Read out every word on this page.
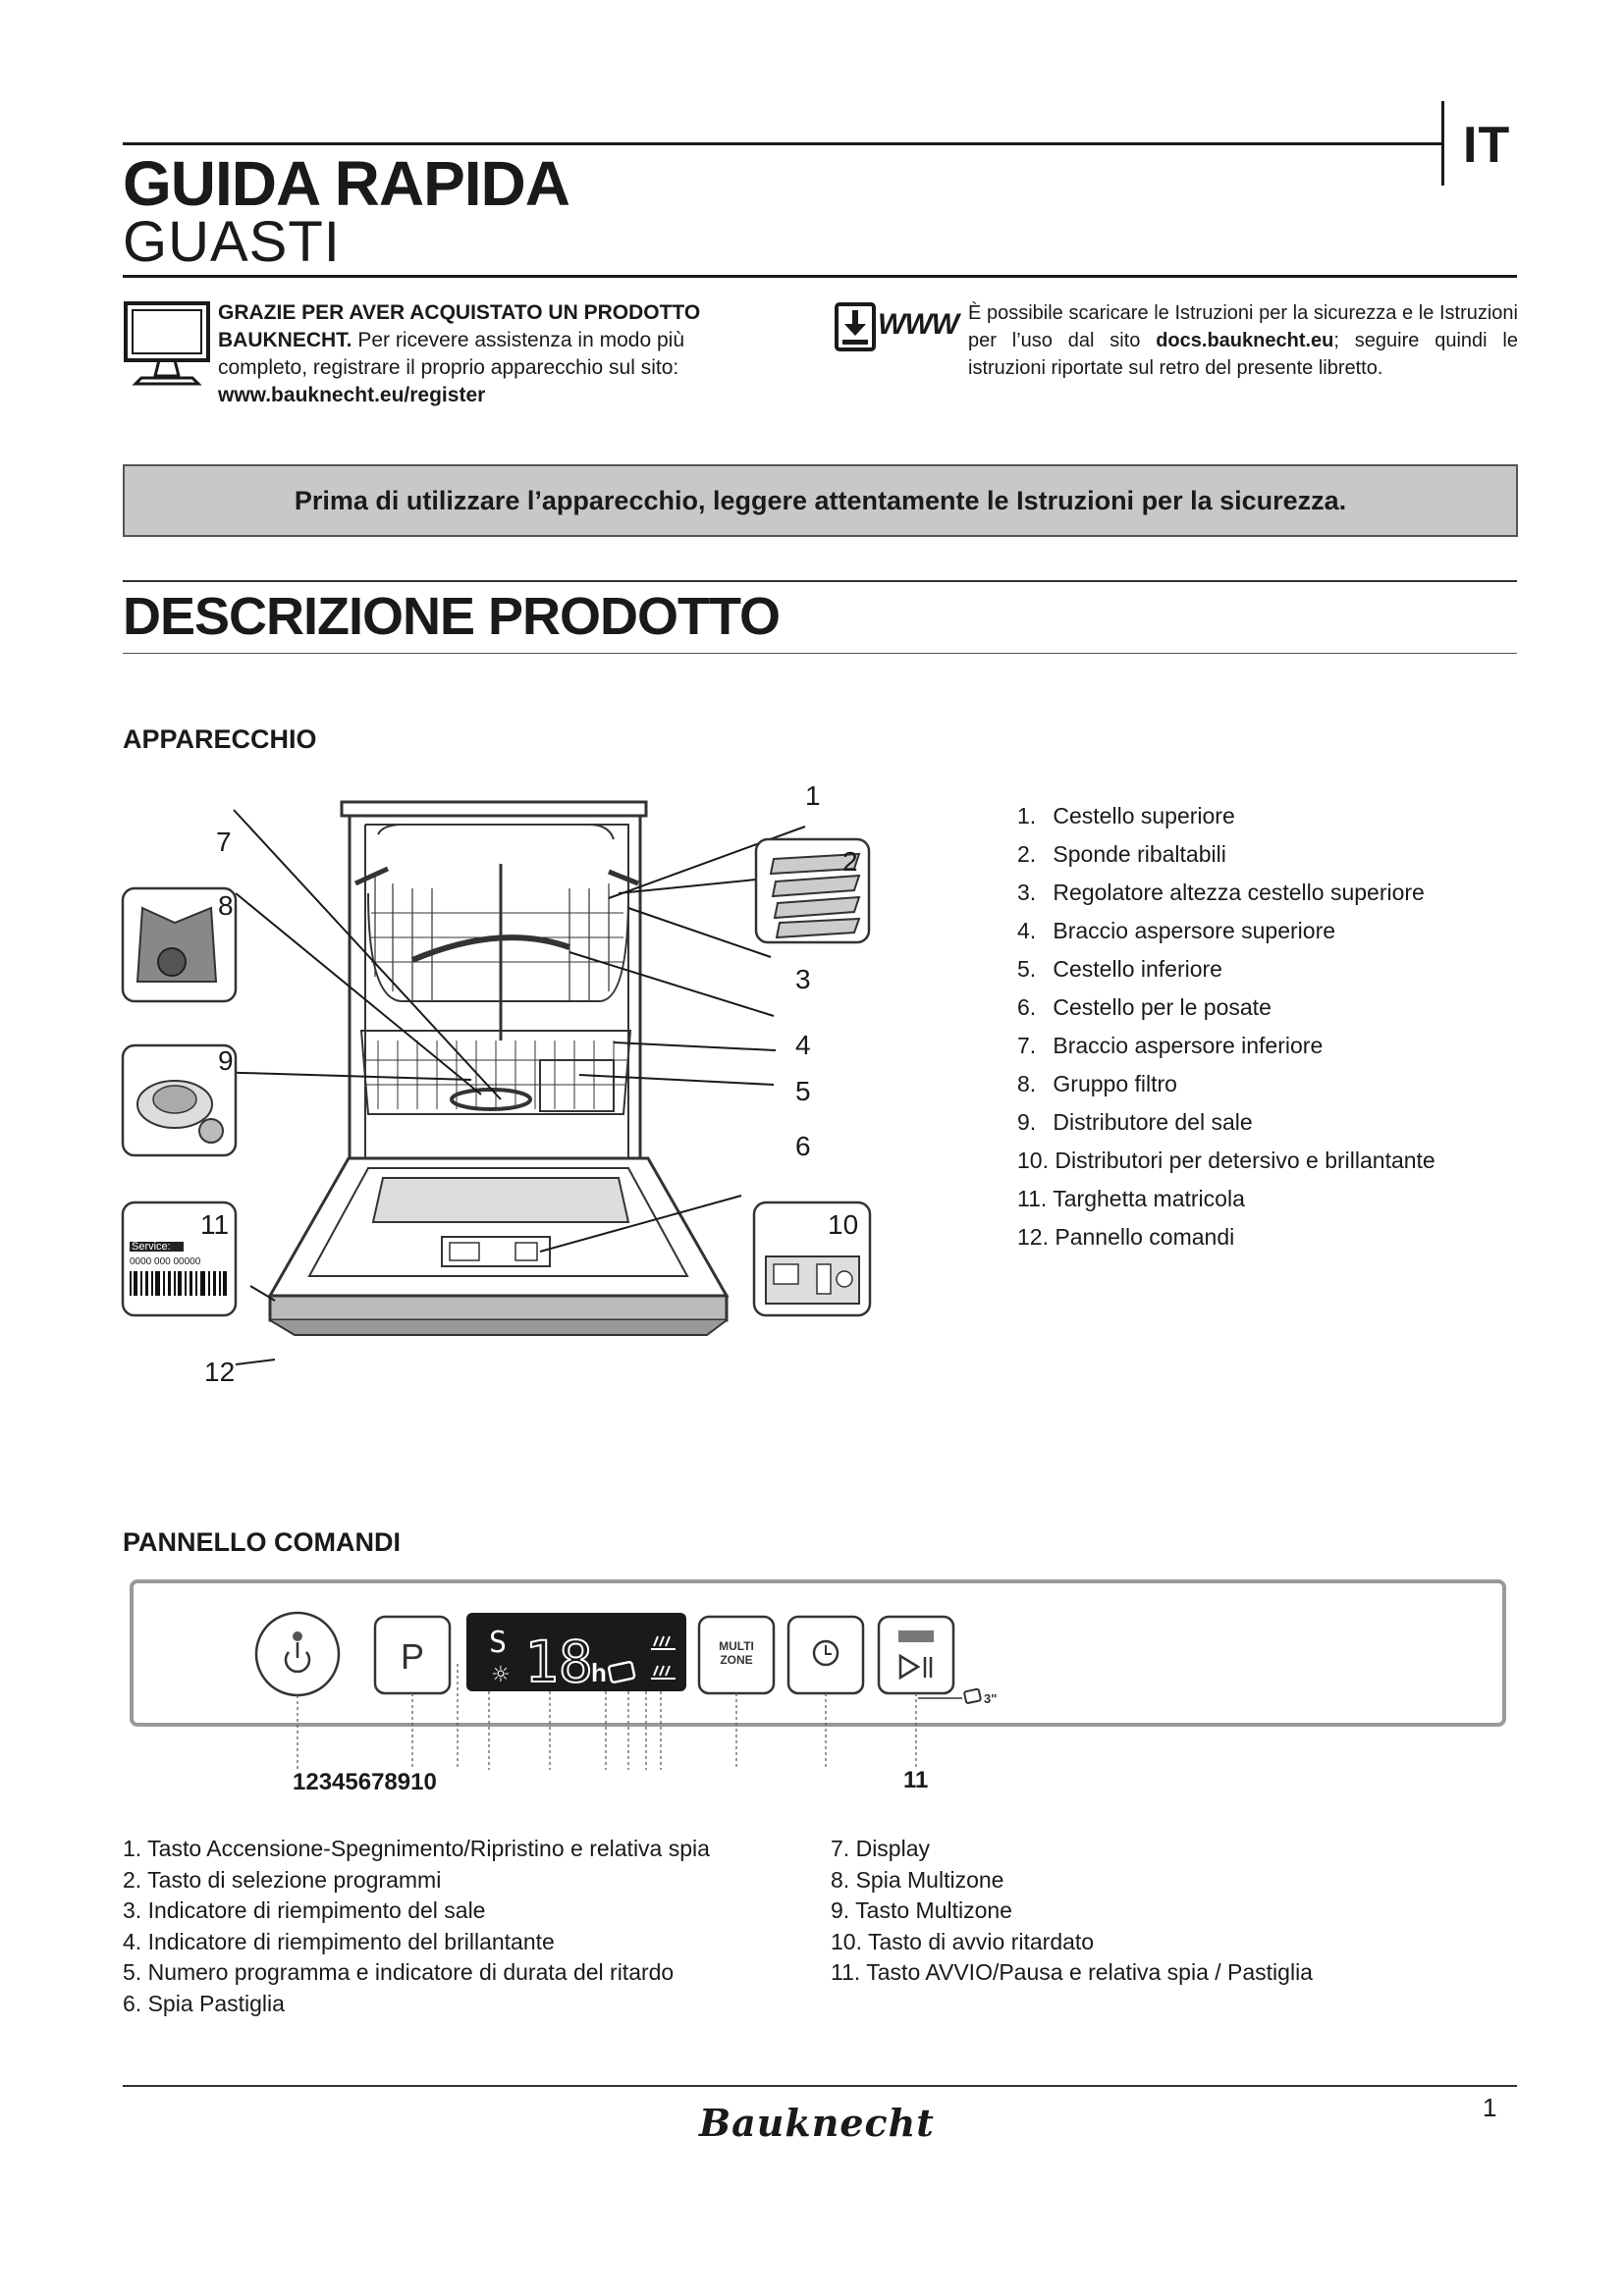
IT
GUIDA RAPIDA
GUASTI
GRAZIE PER AVER ACQUISTATO UN PRODOTTO BAUKNECHT. Per ricevere assistenza in modo più completo, registrare il proprio apparecchio sul sito:
www.bauknecht.eu/register
WWW È possibile scaricare le Istruzioni per la sicurezza e le Istruzioni per l’uso dal sito docs.bauknecht.eu; seguire quindi le istruzioni riportate sul retro del presente libretto.
Prima di utilizzare l’apparecchio, leggere attentamente le Istruzioni per la sicurezza.
DESCRIZIONE PRODOTTO
APPARECCHIO
1
2
3
4
5
6
7
8
9
10
11
12
Service:
0000 000 00000
1. Cestello superiore
2. Sponde ribaltabili
3. Regolatore altezza cestello superiore
4. Braccio aspersore superiore
5. Cestello inferiore
6. Cestello per le posate
7. Braccio aspersore inferiore
8. Gruppo filtro
9. Distributore del sale
10. Distributori per detersivo e brillantante
11. Targhetta matricola
12. Pannello comandi
PANNELLO COMANDI
P S
☼ 18
h
MULTI
ZONE
3"
12345678910	11
1. Tasto Accensione-Spegnimento/Ripristino e relativa spia
2. Tasto di selezione programmi
3. Indicatore di riempimento del sale
4. Indicatore di riempimento del brillantante
5. Numero programma e indicatore di durata del ritardo
6. Spia Pastiglia
7. Display
8. Spia Multizone
9. Tasto Multizone
10. Tasto di avvio ritardato
11. Tasto AVVIO/Pausa e relativa spia / Pastiglia
Bauknecht	1
